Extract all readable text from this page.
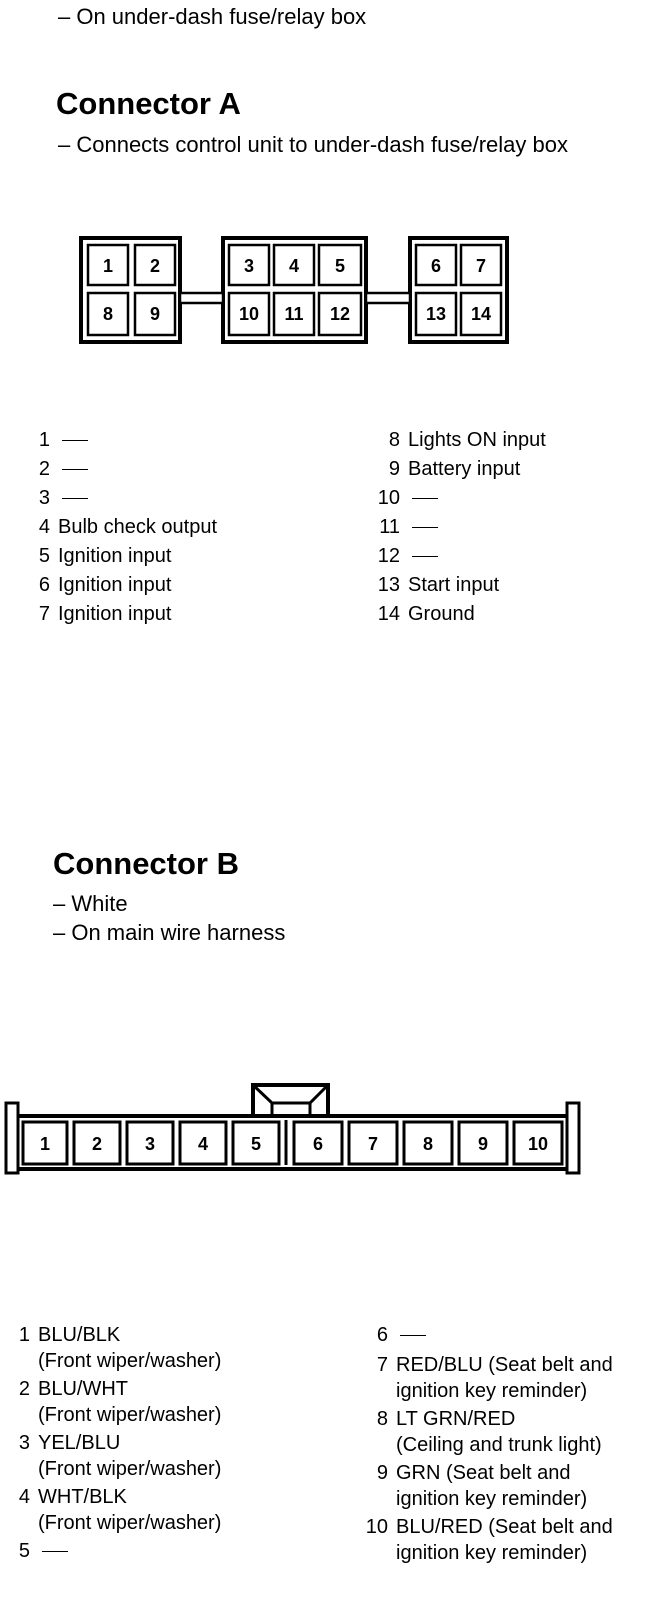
– On under-dash fuse/relay box
Connector A
– Connects control unit to under-dash fuse/relay box
1 2	3 4 5	6 7
8 9	10 11 12	13 14
1
2
3
4 Bulb check output
5 Ignition input
6 Ignition input
7 Ignition input
8 Lights ON input
9 Battery input
10
11
12
13 Start input
14 Ground
Connector B
– White
– On main wire harness
1 2 3 4 5	6 7 8 9 10
1 BLU/BLK
(Front wiper/washer)
2 BLU/WHT
(Front wiper/washer)
3 YEL/BLU
(Front wiper/washer)
4 WHT/BLK
(Front wiper/washer)
5
6
7 RED/BLU (Seat belt and
ignition key reminder)
8 LT GRN/RED
(Ceiling and trunk light)
9 GRN (Seat belt and
ignition key reminder)
10 BLU/RED (Seat belt and
ignition key reminder)
